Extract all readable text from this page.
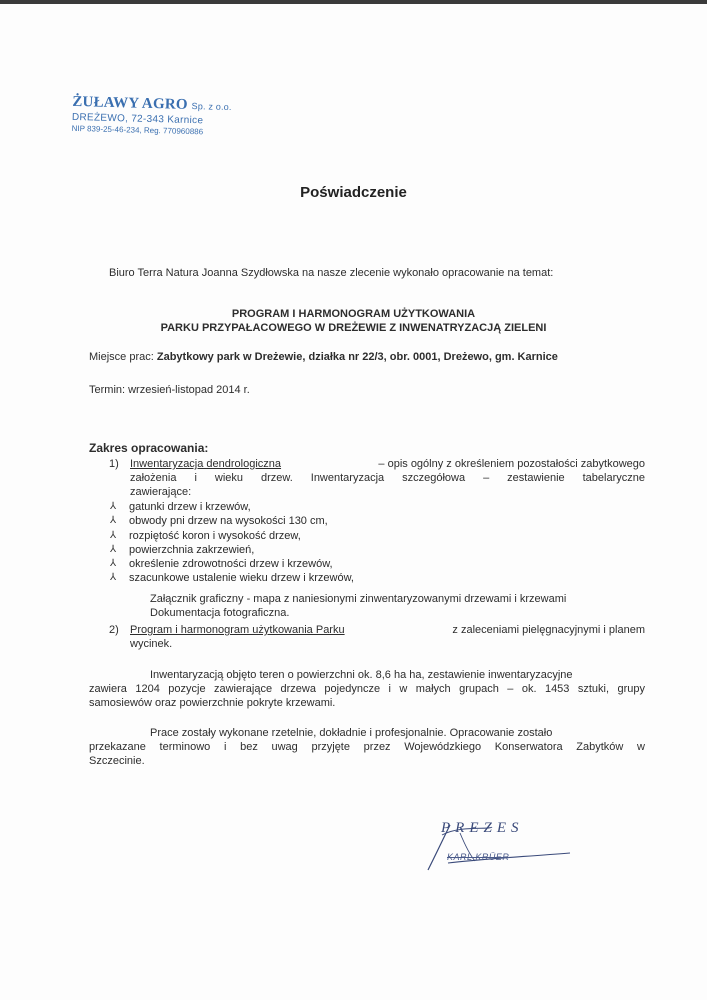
ŻUŁAWY AGRO Sp. z o.o.
DREŻEWO, 72-343 Karnice
NIP 839-25-46-234, Reg. 770960886
Poświadczenie
Biuro Terra Natura Joanna Szydłowska na nasze zlecenie wykonało opracowanie na temat:
PROGRAM I HARMONOGRAM UŻYTKOWANIA
PARKU PRZYPAŁACOWEGO W DREŻEWIE Z INWENATRYZACJĄ ZIELENI
Miejsce prac: Zabytkowy park w Dreżewie, działka nr 22/3, obr. 0001, Dreżewo, gm. Karnice
Termin: wrzesień-listopad 2014 r.
Zakres opracowania:
1) Inwentaryzacja dendrologiczna	– opis ogólny z określeniem pozostałości zabytkowego
założenia i wieku drzew. Inwentaryzacja szczegółowa – zestawienie tabelaryczne
zawierające:
⅄ gatunki drzew i krzewów,
⅄ obwody pni drzew na wysokości 130 cm,
⅄ rozpiętość koron i wysokość drzew,
⅄ powierzchnia zakrzewień,
⅄ określenie zdrowotności drzew i krzewów,
⅄ szacunkowe ustalenie wieku drzew i krzewów,
Załącznik graficzny - mapa z naniesionymi zinwentaryzowanymi drzewami i krzewami
Dokumentacja fotograficzna.
2) Program i harmonogram użytkowania Parku	z zaleceniami pielęgnacyjnymi i planem
wycinek.
Inwentaryzacją objęto teren o powierzchni ok. 8,6 ha ha, zestawienie inwentaryzacyjne
zawiera 1204 pozycje zawierające drzewa pojedyncze i w małych grupach – ok. 1453 sztuki, grupy
samosiewów oraz powierzchnie pokryte krzewami.
Prace zostały wykonane rzetelnie, dokładnie i profesjonalnie. Opracowanie zostało
przekazane terminowo i bez uwag przyjęte przez Wojewódzkiego Konserwatora Zabytków w
Szczecinie.
PREZES
KARL KRÜER
